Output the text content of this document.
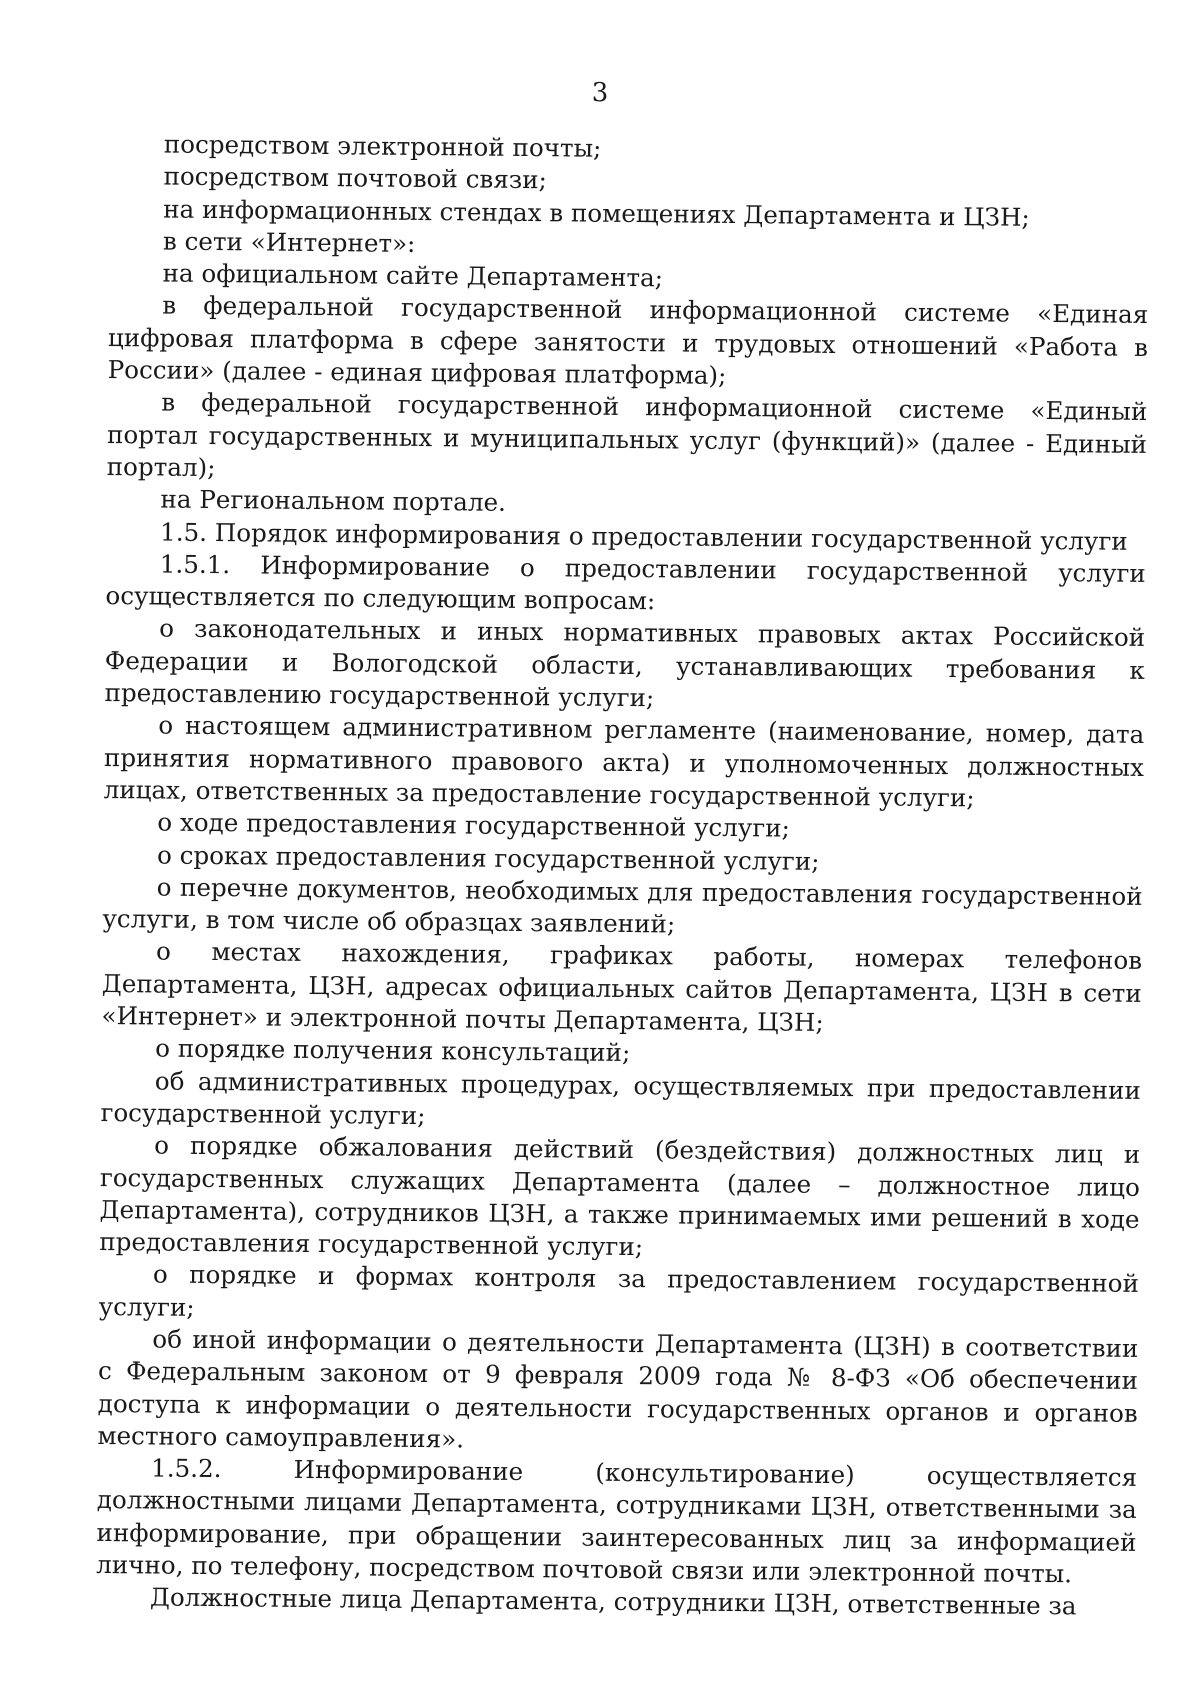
3

посредством электронной почты;

посредством почтовой связи;

на информационных стендах в помещениях Департамента и ЦЗН;

в сети «Интернет»:

на официальном сайте Департамента;

в федеральной государственной информационной системе «Единая цифровая платформа в сфере занятости и трудовых отношений «Работа в России» (далее - единая цифровая платформа);

в федеральной государственной информационной системе «Единый портал государственных и муниципальных услуг (функций)» (далее - Единый портал);

на Региональном портале.

1.5. Порядок информирования о предоставлении государственной услуги

1.5.1. Информирование о предоставлении государственной услуги осуществляется по следующим вопросам:

о законодательных и иных нормативных правовых актах Российской Федерации и Вологодской области, устанавливающих требования к предоставлению государственной услуги;

о настоящем административном регламенте (наименование, номер, дата принятия нормативного правового акта) и уполномоченных должностных лицах, ответственных за предоставление государственной услуги;

о ходе предоставления государственной услуги;

о сроках предоставления государственной услуги;

о перечне документов, необходимых для предоставления государственной услуги, в том числе об образцах заявлений;

о местах нахождения, графиках работы, номерах телефонов Департамента, ЦЗН, адресах официальных сайтов Департамента, ЦЗН в сети «Интернет» и электронной почты Департамента, ЦЗН;

о порядке получения консультаций;

об административных процедурах, осуществляемых при предоставлении государственной услуги;

о порядке обжалования действий (бездействия) должностных лиц и государственных служащих Департамента (далее – должностное лицо Департамента), сотрудников ЦЗН, а также принимаемых ими решений в ходе предоставления государственной услуги;

о порядке и формах контроля за предоставлением государственной услуги;

об иной информации о деятельности Департамента (ЦЗН) в соответствии с Федеральным законом от 9 февраля 2009 года № 8-ФЗ «Об обеспечении доступа к информации о деятельности государственных органов и органов местного самоуправления».

1.5.2. Информирование (консультирование) осуществляется должностными лицами Департамента, сотрудниками ЦЗН, ответственными за информирование, при обращении заинтересованных лиц за информацией лично, по телефону, посредством почтовой связи или электронной почты.

Должностные лица Департамента, сотрудники ЦЗН, ответственные за
